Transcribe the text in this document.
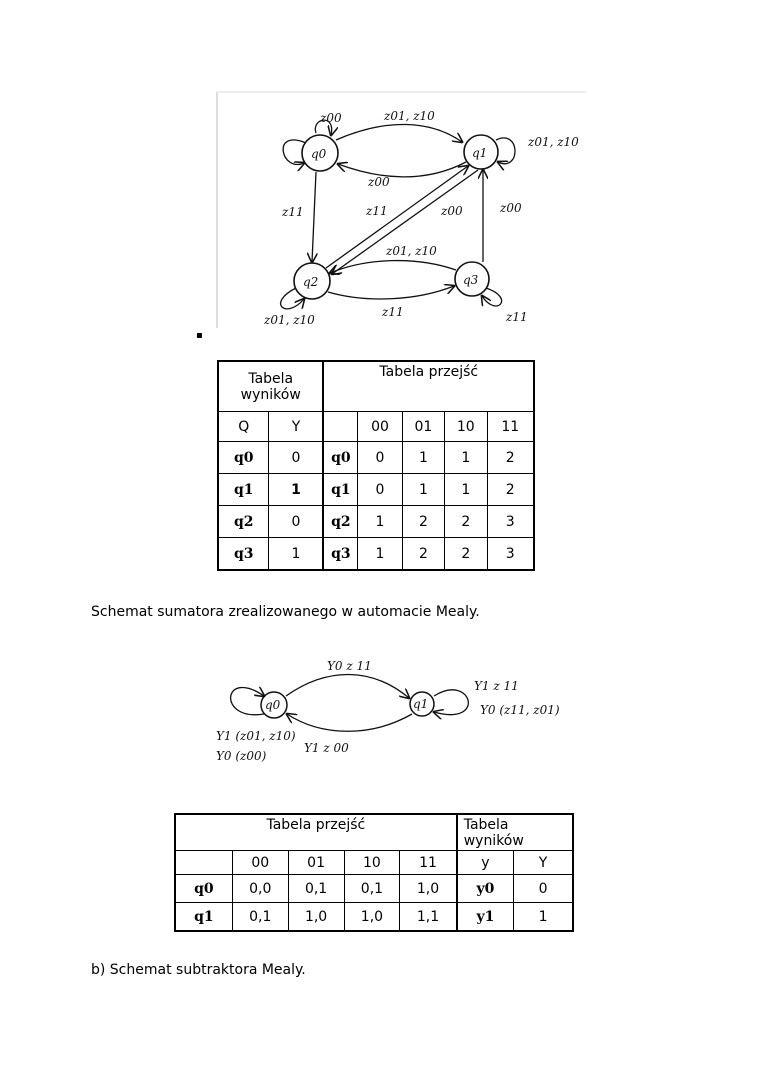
q0	q1
q2	q3
z00	z01, z10
z01, z10
z00
z11	z11	z00	z00
z01, z10
z11
z01, z10	z11
▪
Tabela wyników		Tabela przejść				
Q	Y		00	01	10	11
q0	0	q0	0	1	1	2
q1	1	q1	0	1	1	2
q2	0	q2	1	2	2	3
q3	1	q3	1	2	2	3
Schemat sumatora zrealizowanego w automacie Mealy.
q0	q1
Y0 z 11
Y1 z 00
Y1 z 11
Y0 (z11, z01)
Y1 (z01, z10)
Y0 (z00)
Tabela przejść					Tabela wyników	
	00	01	10	11	y	Y
q0	0,0	0,1	0,1	1,0	y0	0
q1	0,1	1,0	1,0	1,1	y1	1
b) Schemat subtraktora Mealy.
